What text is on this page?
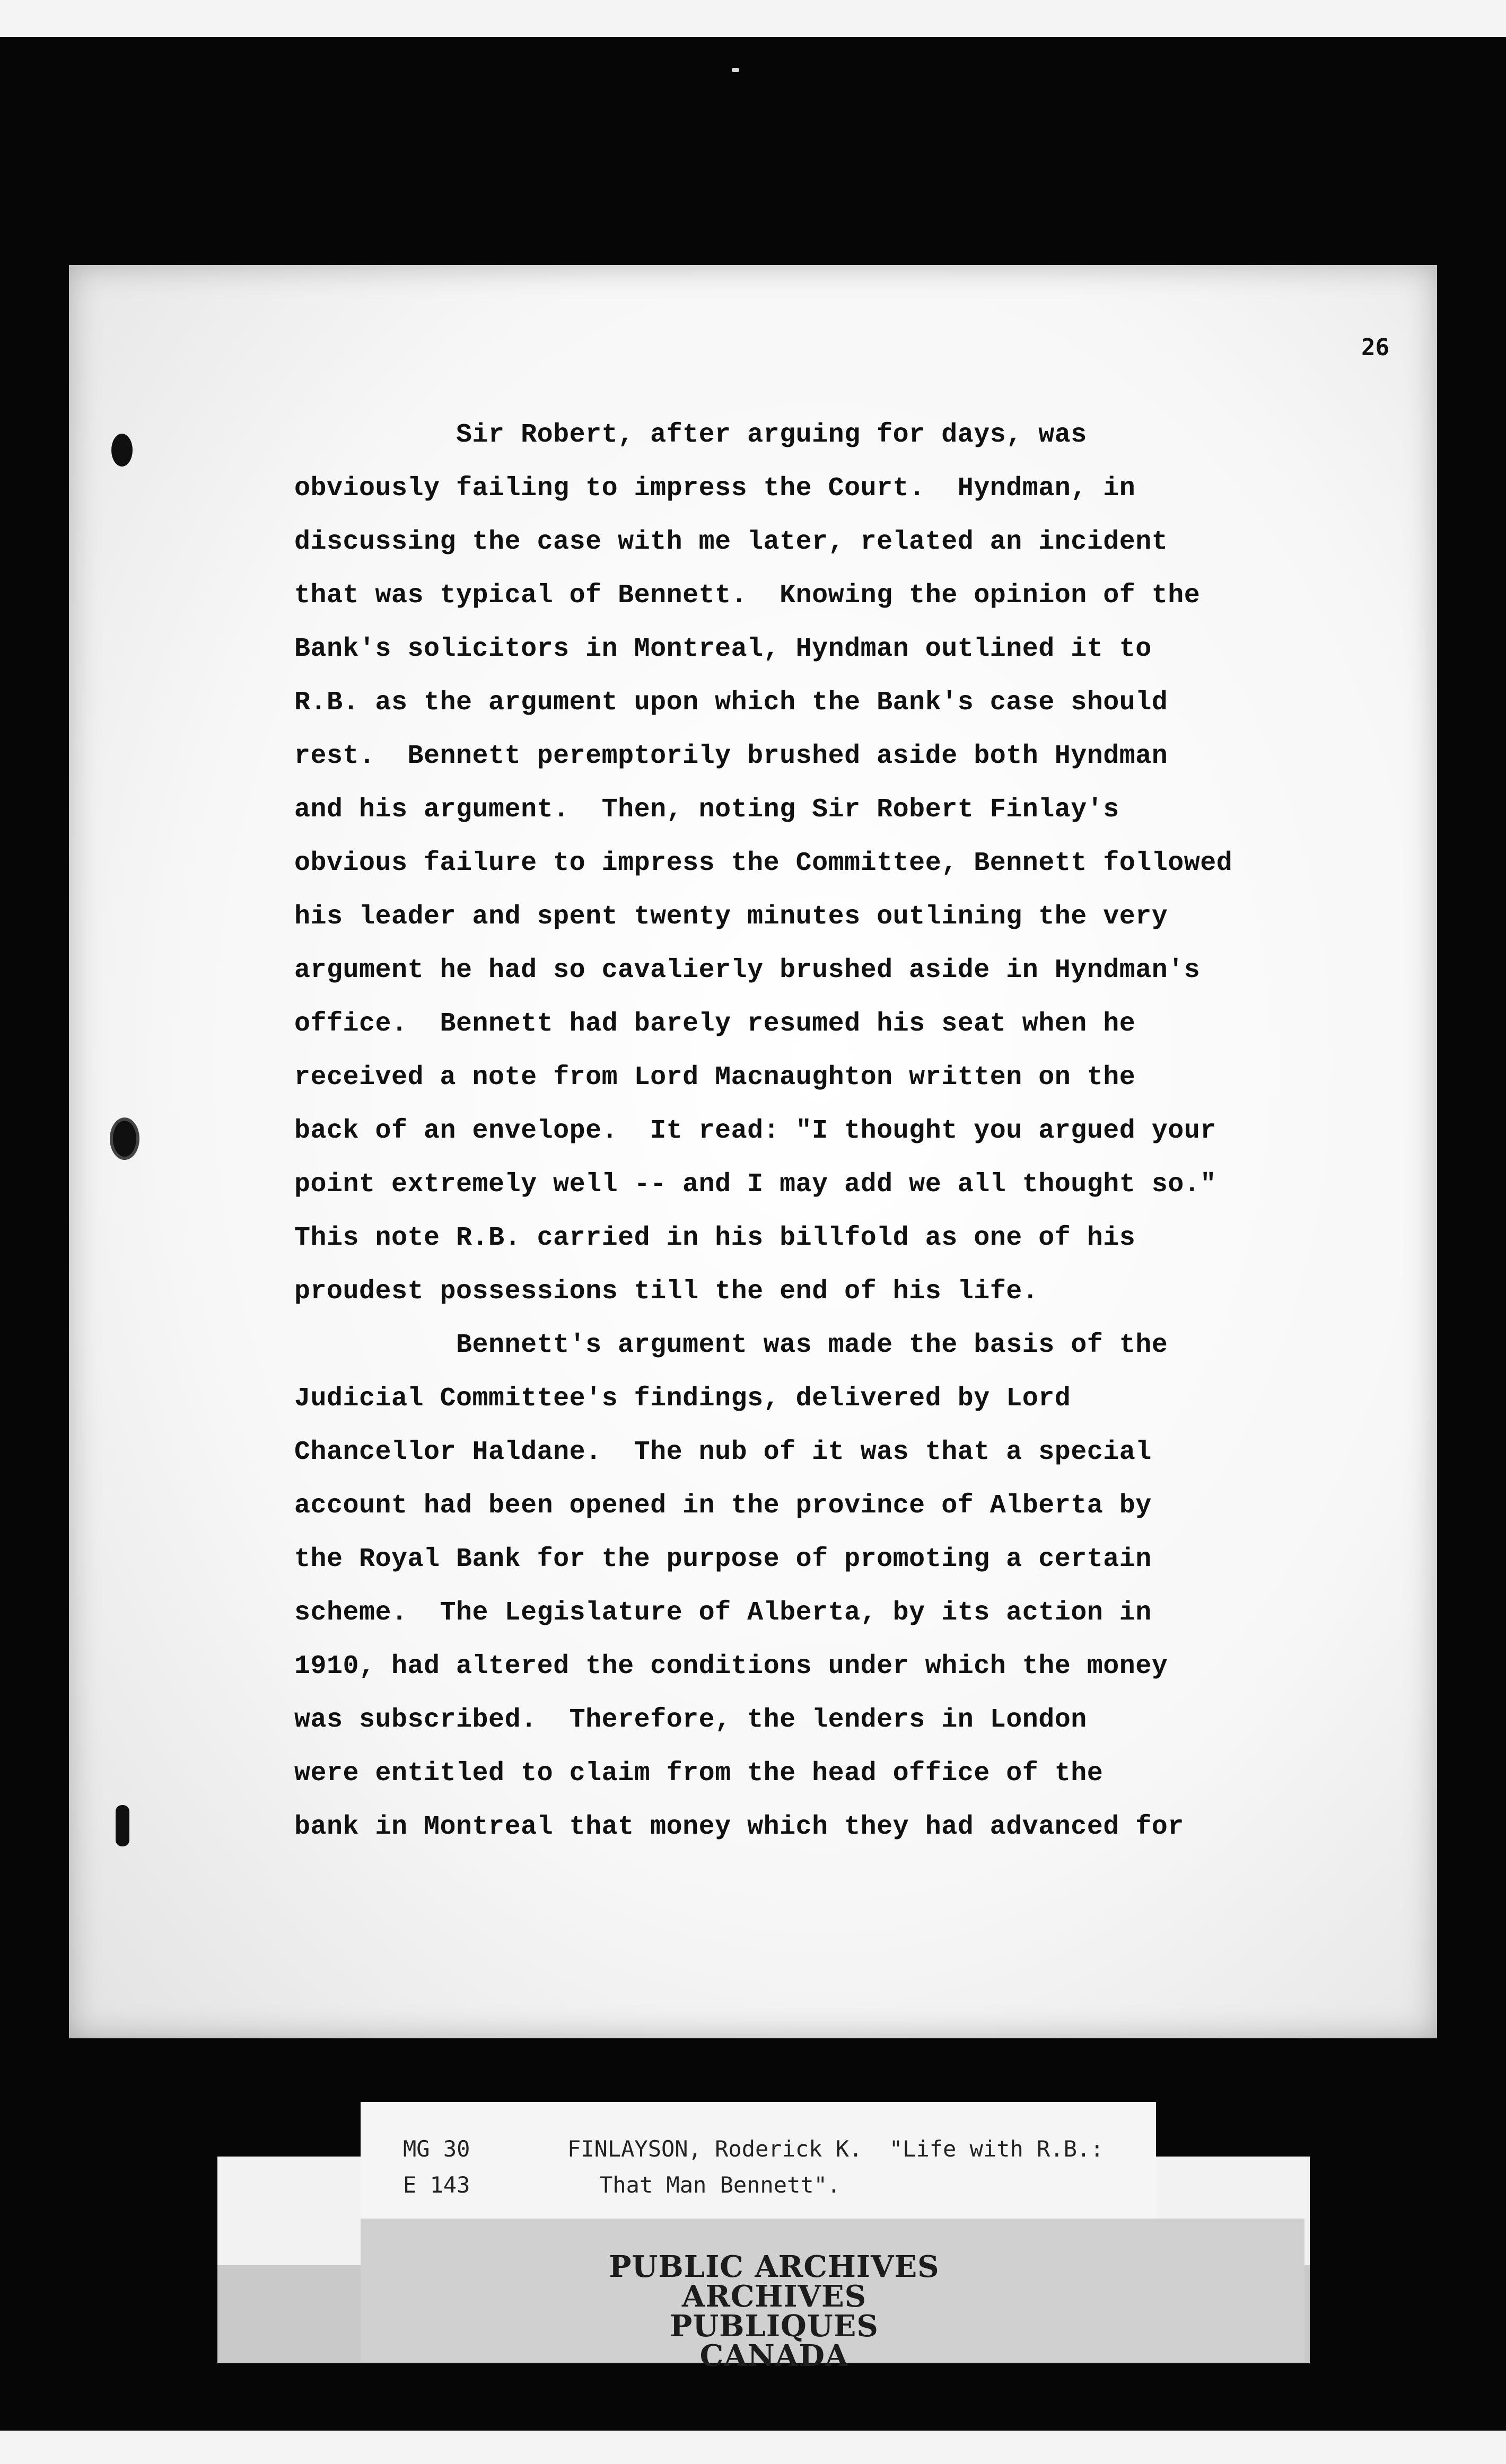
26
Sir Robert, after arguing for days, was
obviously failing to impress the Court.  Hyndman, in
discussing the case with me later, related an incident
that was typical of Bennett.  Knowing the opinion of the
Bank's solicitors in Montreal, Hyndman outlined it to
R.B. as the argument upon which the Bank's case should
rest.  Bennett peremptorily brushed aside both Hyndman
and his argument.  Then, noting Sir Robert Finlay's
obvious failure to impress the Committee, Bennett followed
his leader and spent twenty minutes outlining the very
argument he had so cavalierly brushed aside in Hyndman's
office.  Bennett had barely resumed his seat when he
received a note from Lord Macnaughton written on the
back of an envelope.  It read: "I thought you argued your
point extremely well -- and I may add we all thought so."
This note R.B. carried in his billfold as one of his
proudest possessions till the end of his life.
Bennett's argument was made the basis of the
Judicial Committee's findings, delivered by Lord
Chancellor Haldane.  The nub of it was that a special
account had been opened in the province of Alberta by
the Royal Bank for the purpose of promoting a certain
scheme.  The Legislature of Alberta, by its action in
1910, had altered the conditions under which the money
was subscribed.  Therefore, the lenders in London
were entitled to claim from the head office of the
bank in Montreal that money which they had advanced for
MG 30
E 143
FINLAYSON, Roderick K.  "Life with R.B.:
That Man Bennett".
PUBLIC ARCHIVES
ARCHIVES PUBLIQUES
CANADA
